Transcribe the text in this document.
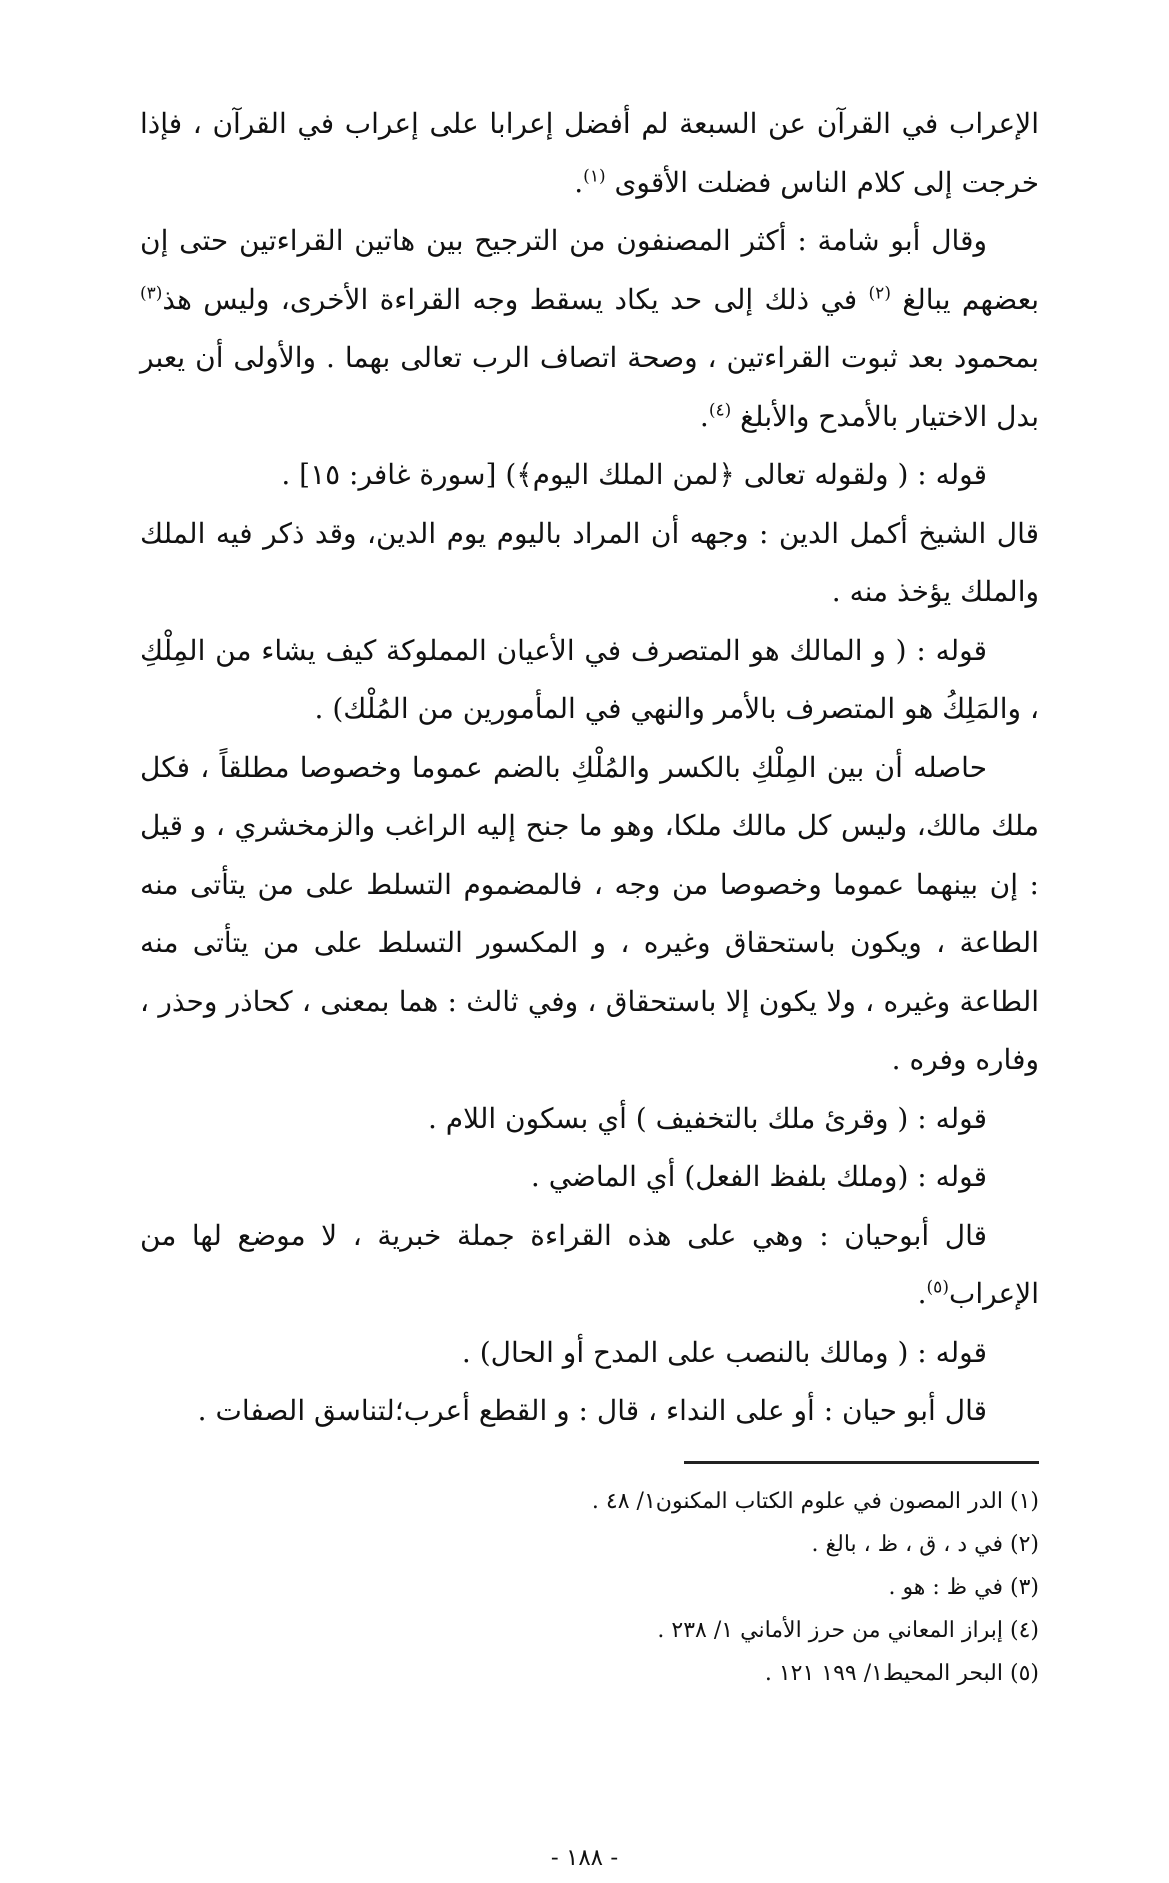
الإعراب في القرآن عن السبعة لم أفضل إعرابا على إعراب في القرآن ، فإذا خرجت إلى كلام الناس فضلت الأقوى $^{(١)}$.

وقال أبو شامة : أكثر المصنفون من الترجيح بين هاتين القراءتين حتى إن بعضهم يبالغ $^{(٢)}$ في ذلك إلى حد يكاد يسقط وجه القراءة الأخرى، وليس هذ$^{(٣)}$ بمحمود بعد ثبوت القراءتين ، وصحة اتصاف الرب تعالى بهما . والأولى أن يعبر بدل الاختيار بالأمدح والأبلغ $^{(٤)}$.

قوله : ( ولقوله تعالى ﴿لمن الملك اليوم﴾) [سورة غافر: ١٥] .

قال الشيخ أكمل الدين : وجهه أن المراد باليوم يوم الدين، وقد ذكر فيه الملك والملك يؤخذ منه .

قوله : ( و المالك هو المتصرف في الأعيان المملوكة كيف يشاء من المِلْكِ ، والمَلِكُ هو المتصرف بالأمر والنهي في المأمورين من المُلْك) .

حاصله أن بين المِلْكِ بالكسر والمُلْكِ بالضم عموما وخصوصا مطلقاً ، فكل ملك مالك، وليس كل مالك ملكا، وهو ما جنح إليه الراغب والزمخشري ، و قيل : إن بينهما عموما وخصوصا من وجه ، فالمضموم التسلط على من يتأتى منه الطاعة ، ويكون باستحقاق وغيره ، و المكسور التسلط على من يتأتى منه الطاعة وغيره ، ولا يكون إلا باستحقاق ، وفي ثالث : هما بمعنى ، كحاذر وحذر ، وفاره وفره .

قوله : ( وقرئ ملك بالتخفيف ) أي بسكون اللام .

قوله : (وملك بلفظ الفعل) أي الماضي .

قال أبوحيان : وهي على هذه القراءة جملة خبرية ، لا موضع لها من الإعراب$^{(٥)}$.

قوله : ( ومالك بالنصب على المدح أو الحال) .

قال أبو حيان : أو على النداء ، قال : و القطع أعرب؛لتناسق الصفات .

(١) الدر المصون في علوم الكتاب المكنون١/ ٤٨ .

(٢) في د ، ق ، ظ ، بالغ .

(٣) في ظ : هو .

(٤) إبراز المعاني من حرز الأماني ١/ ٢٣٨ .

(٥) البحر المحيط١/ ١٩٩ ١٢١ .

- ١٨٨ -
